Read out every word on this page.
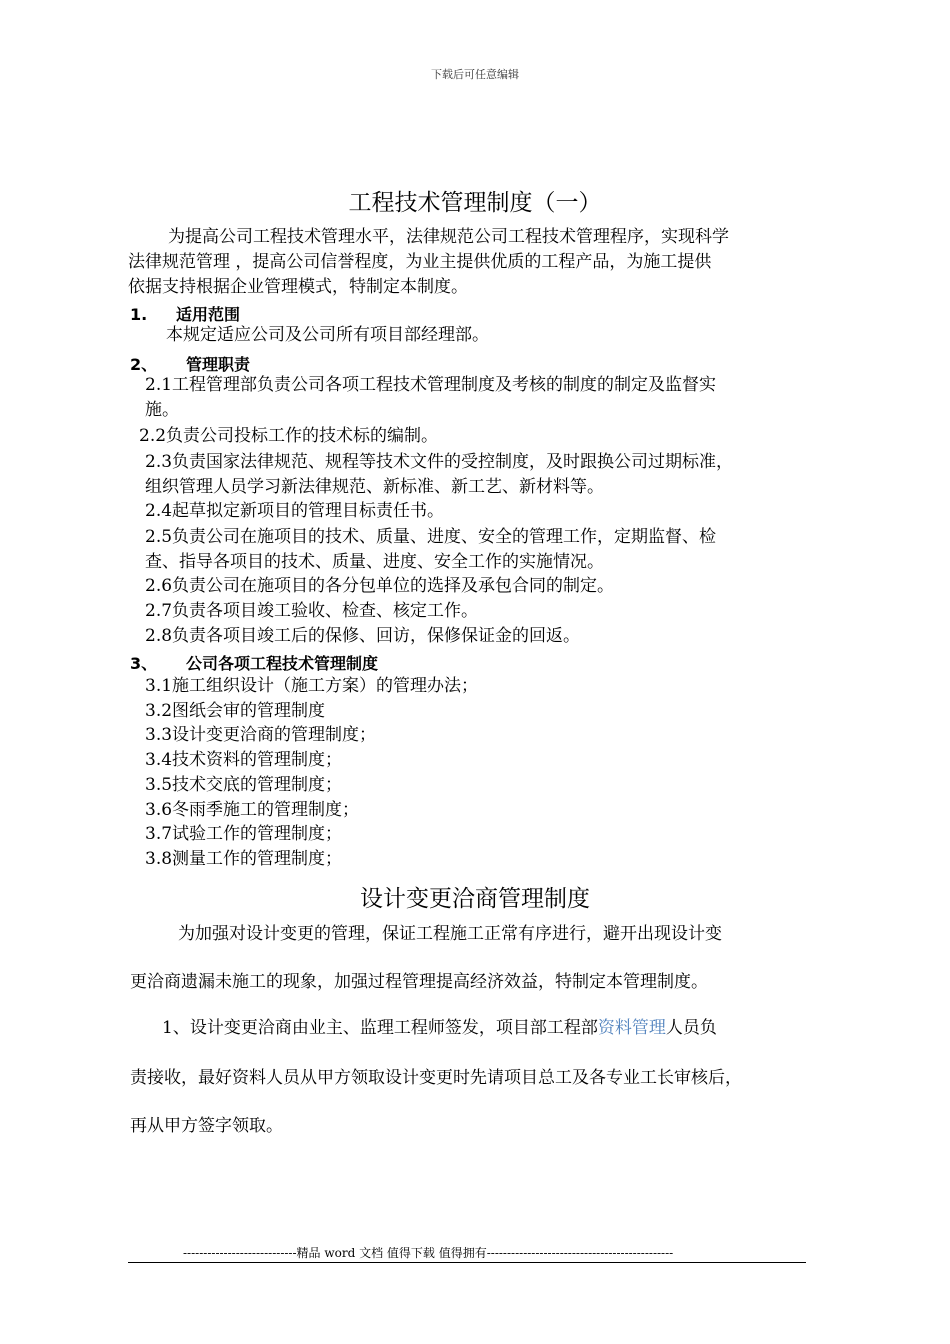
下载后可任意编辑
工程技术管理制度（一）

为提高公司工程技术管理水平，法律规范公司工程技术管理程序，实现科学

法律规范管理 ，提高公司信誉程度，为业主提供优质的工程产品，为施工提供

依据支持根据企业管理模式，特制定本制度。

1. 适用范围

本规定适应公司及公司所有项目部经理部。

2、 管理职责

2.1工程管理部负责公司各项工程技术管理制度及考核的制度的制定及监督实

施。

2.2负责公司投标工作的技术标的编制。

2.3负责国家法律规范、规程等技术文件的受控制度，及时跟换公司过期标准，

组织管理人员学习新法律规范、新标准、新工艺、新材料等。

2.4起草拟定新项目的管理目标责任书。

2.5负责公司在施项目的技术、质量、进度、安全的管理工作，定期监督、检

查、指导各项目的技术、质量、进度、安全工作的实施情况。

2.6负责公司在施项目的各分包单位的选择及承包合同的制定。

2.7负责各项目竣工验收、检查、核定工作。

2.8负责各项目竣工后的保修、回访，保修保证金的回返。

3、 公司各项工程技术管理制度

3.1施工组织设计（施工方案）的管理办法；

3.2图纸会审的管理制度

3.3设计变更洽商的管理制度；

3.4技术资料的管理制度；

3.5技术交底的管理制度；

3.6冬雨季施工的管理制度；

3.7试验工作的管理制度；

3.8测量工作的管理制度；

设计变更洽商管理制度

为加强对设计变更的管理，保证工程施工正常有序进行，避开出现设计变

更洽商遗漏未施工的现象，加强过程管理提高经济效益，特制定本管理制度。

1、设计变更洽商由业主、监理工程师签发，项目部工程部资料管理人员负

责接收，最好资料人员从甲方领取设计变更时先请项目总工及各专业工长审核后，

再从甲方签字领取。

----------------------------精品 word 文档 值得下载 值得拥有----------------------------------------------
